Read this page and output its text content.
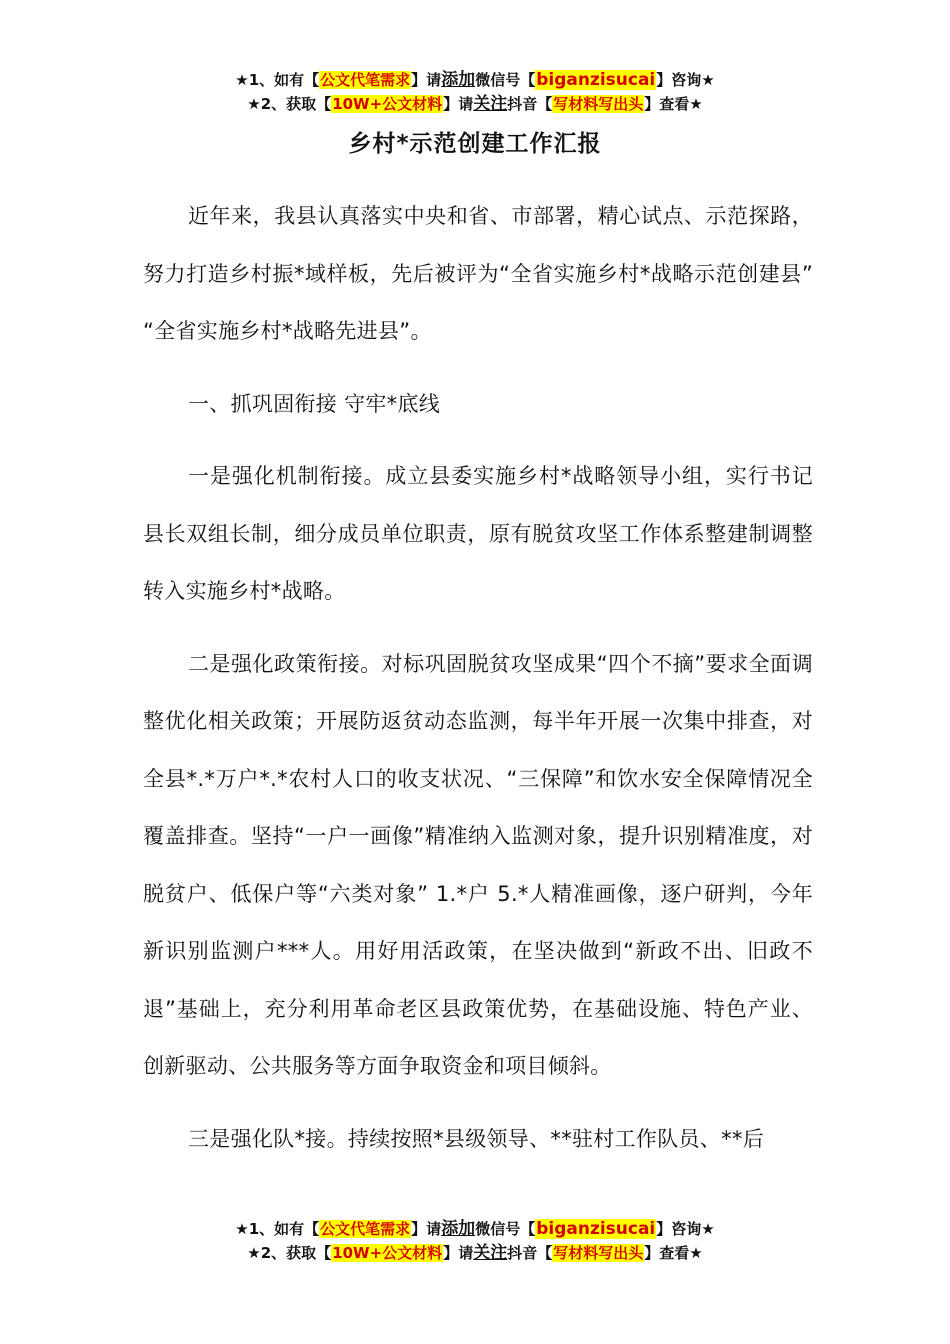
★1、如有【公文代笔需求】请添加微信号【biganzisucai】咨询★
★2、获取【10W+公文材料】请关注抖音【写材料写出头】查看★
乡村*示范创建工作汇报

近年来，我县认真落实中央和省、市部署，精心试点、示范探路，努力打造乡村振*域样板，先后被评为“全省实施乡村*战略示范创建县” “全省实施乡村*战略先进县”。

一、抓巩固衔接 守牢*底线

一是强化机制衔接。成立县委实施乡村*战略领导小组，实行书记县长双组长制，细分成员单位职责，原有脱贫攻坚工作体系整建制调整转入实施乡村*战略。

二是强化政策衔接。对标巩固脱贫攻坚成果“四个不摘”要求全面调整优化相关政策；开展防返贫动态监测，每半年开展一次集中排查，对全县*.*万户*.*农村人口的收支状况、“三保障”和饮水安全保障情况全覆盖排查。坚持“一户一画像”精准纳入监测对象，提升识别精准度，对脱贫户、低保户等“六类对象” 1.*户 5.*人精准画像，逐户研判，今年新识别监测户***人。用好用活政策，在坚决做到“新政不出、旧政不退”基础上，充分利用革命老区县政策优势，在基础设施、特色产业、创新驱动、公共服务等方面争取资金和项目倾斜。

三是强化队*接。持续按照*县级领导、**驻村工作队员、**后

★1、如有【公文代笔需求】请添加微信号【biganzisucai】咨询★
★2、获取【10W+公文材料】请关注抖音【写材料写出头】查看★
